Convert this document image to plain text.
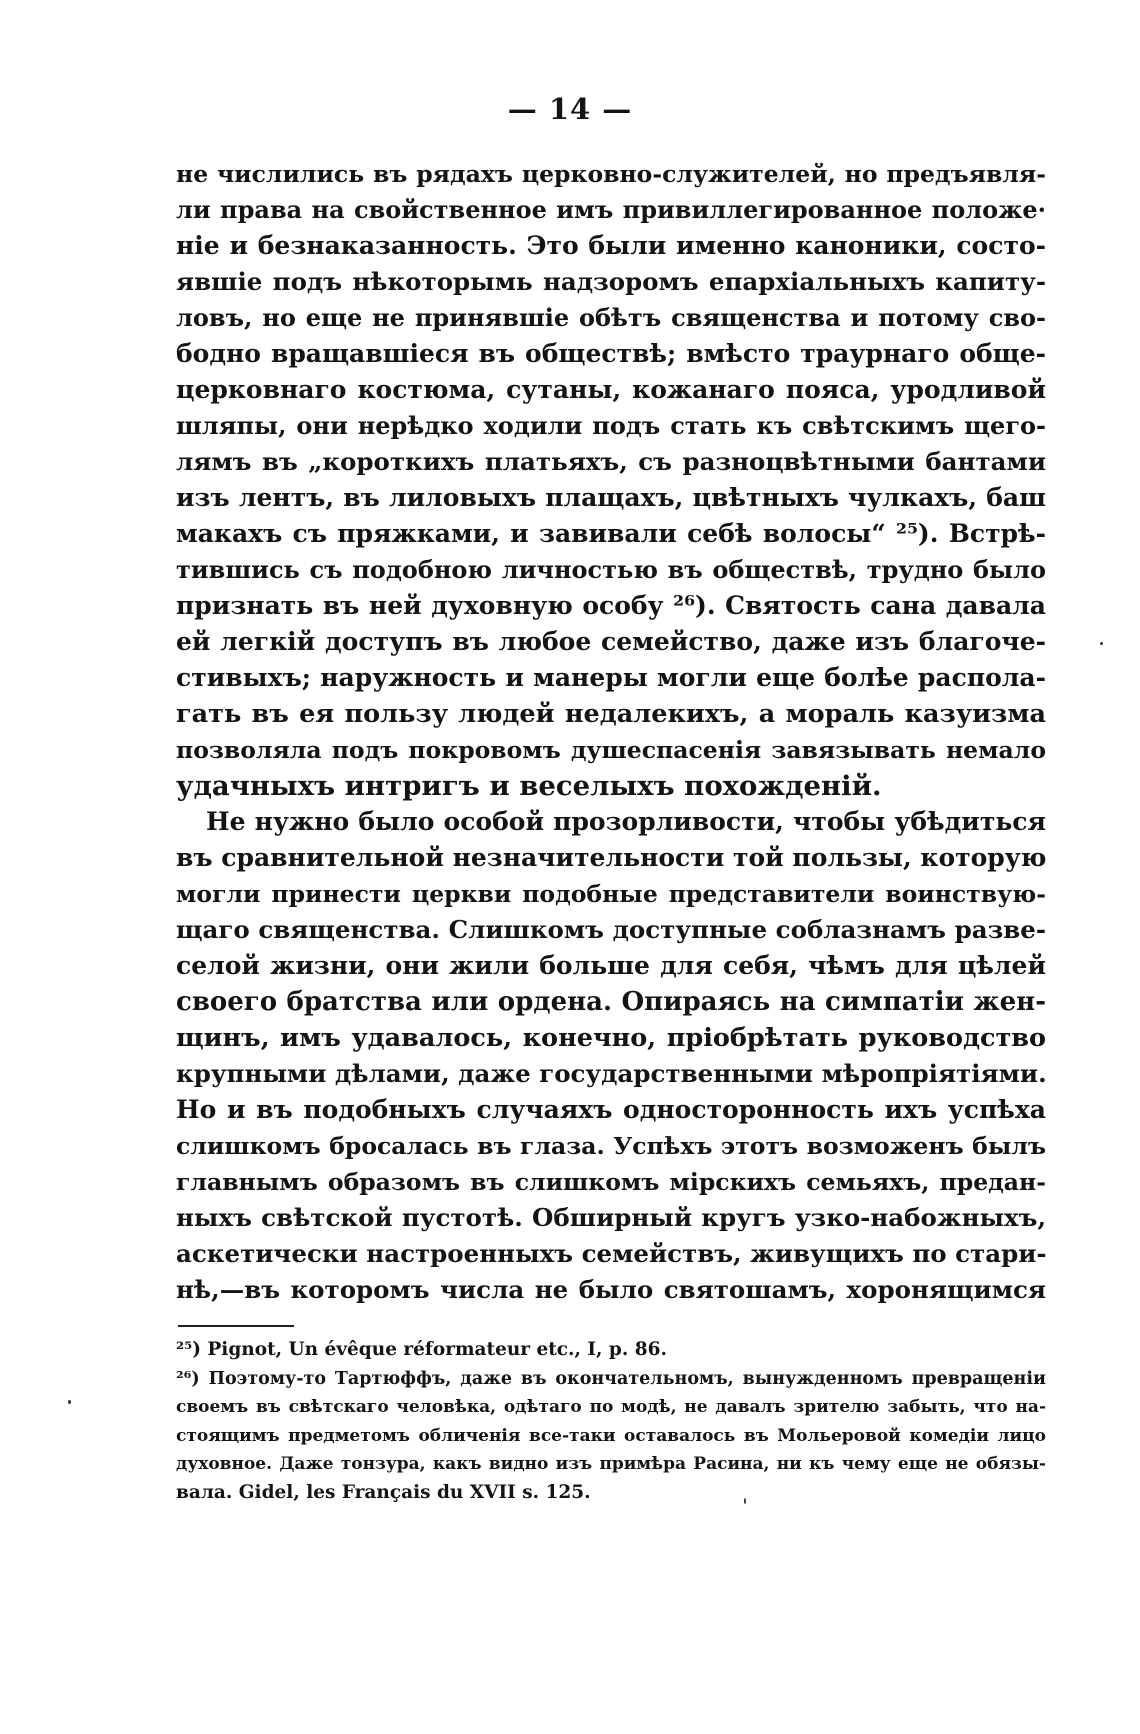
— 14 —
не числились въ рядахъ церковно-служителей, но предъявля-
ли права на свойственное имъ привиллегированное положе·
нiе и безнаказанность. Это были именно каноники, состо-
явшiе подъ нѣкоторымь надзоромъ епархiальныхъ капиту-
ловъ, но еще не принявшiе обѣтъ священства и потому сво-
бодно вращавшiеся въ обществѣ; вмѣсто траурнаго обще-
церковнаго костюма, сутаны, кожанаго пояса, уродливой
шляпы, они нерѣдко ходили подъ стать къ свѣтскимъ щего-
лямъ въ „короткихъ платьяхъ, съ разноцвѣтными бантами
изъ лентъ, въ лиловыхъ плащахъ, цвѣтныхъ чулкахъ, баш
макахъ съ пряжками, и завивали себѣ волосы“ ²⁵). Встрѣ-
тившись съ подобною личностью въ обществѣ, трудно было
признать въ ней духовную особу ²⁶). Святость сана давала
ей легкiй доступъ въ любое семейство, даже изъ благоче-
стивыхъ; наружность и манеры могли еще болѣе распола-
гать въ ея пользу людей недалекихъ, а мораль казуизма
позволяла подъ покровомъ душеспасенiя завязывать немало
удачныхъ интригъ и веселыхъ похожденiй.
Не нужно было особой прозорливости, чтобы убѣдиться
въ сравнительной незначительности той пользы, которую
могли принести церкви подобные представители воинствую-
щаго священства. Слишкомъ доступные соблазнамъ разве-
селой жизни, они жили больше для себя, чѣмъ для цѣлей
своего братства или ордена. Опираясь на симпатiи жен-
щинъ, имъ удавалось, конечно, прiобрѣтать руководство
крупными дѣлами, даже государственными мѣропрiятiями.
Но и въ подобныхъ случаяхъ односторонность ихъ успѣха
слишкомъ бросалась въ глаза. Успѣхъ этотъ возможенъ былъ
главнымъ образомъ въ слишкомъ мiрскихъ семьяхъ, предан-
ныхъ свѣтской пустотѣ. Обширный кругъ узко-набожныхъ,
аскетически настроенныхъ семействъ, живущихъ по стари-
нѣ,—въ которомъ числа не было святошамъ, хоронящимся
²⁵) Pignot, Un évêque réformateur etc., I, p. 86.
²⁶) Поэтому-то Тартюффъ, даже въ окончательномъ, вынужденномъ превращенiи
своемъ въ свѣтскаго человѣка, одѣтаго по модѣ, не давалъ зрителю забыть, что на-
стоящимъ предметомъ обличенiя все-таки оставалось въ Мольеровой комедiи лицо
духовное. Даже тонзура, какъ видно изъ примѣра Расина, ни къ чему еще не обязы-
вала. Gidel, les Français du XVII s. 125.
